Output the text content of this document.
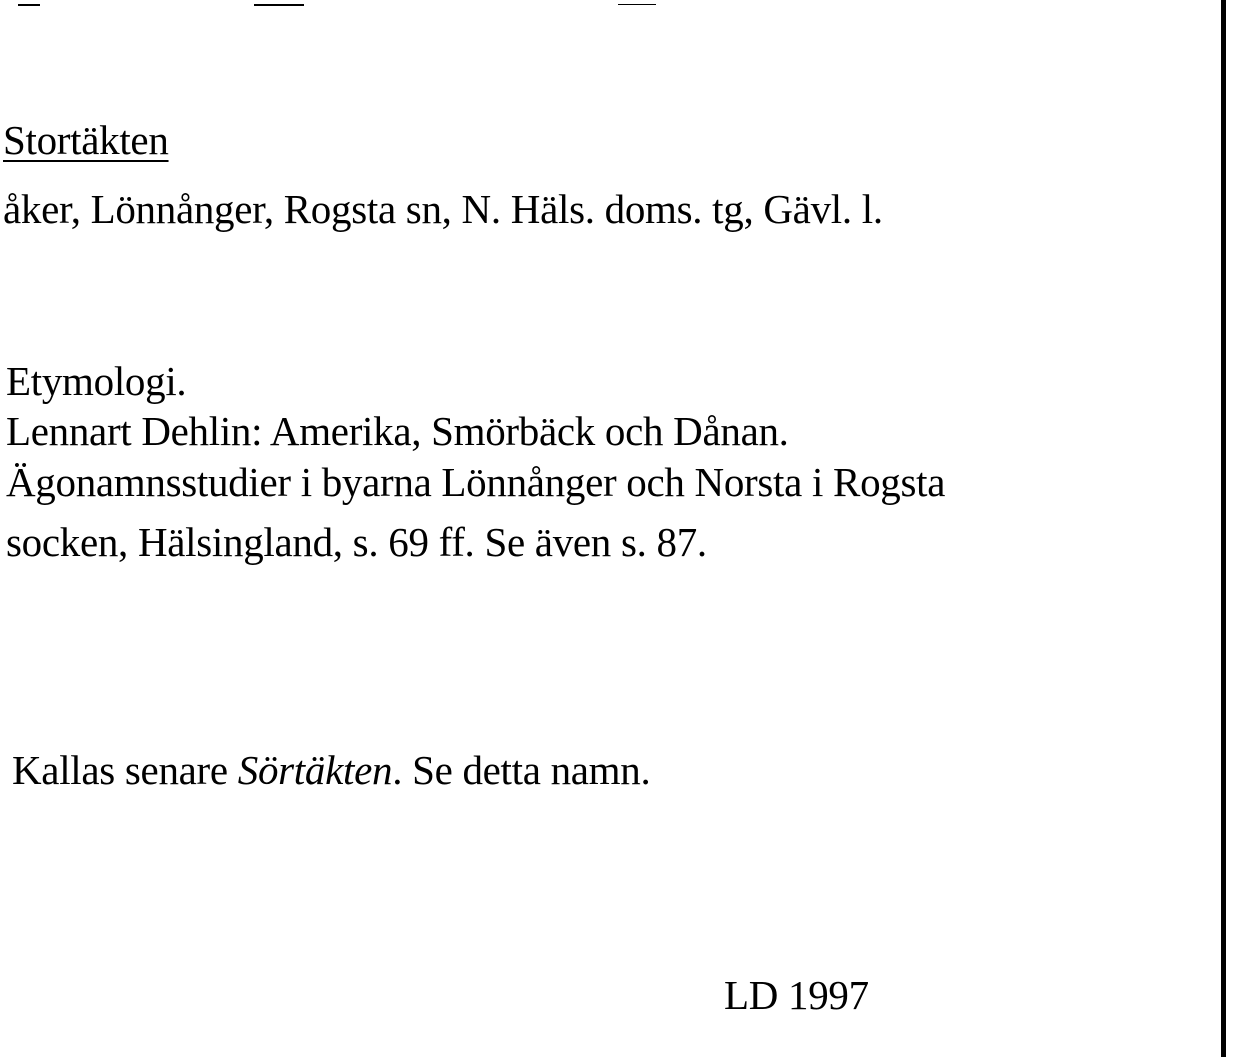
Stortäkten
åker, Lönnånger, Rogsta sn, N. Häls. doms. tg, Gävl. l.
Etymologi.
Lennart Dehlin: Amerika, Smörbäck och Dånan.
Ägonamnsstudier i byarna Lönnånger och Norsta i Rogsta
socken, Hälsingland, s. 69 ff. Se även s. 87.
Kallas senare Sörtäkten. Se detta namn.
LD 1997
